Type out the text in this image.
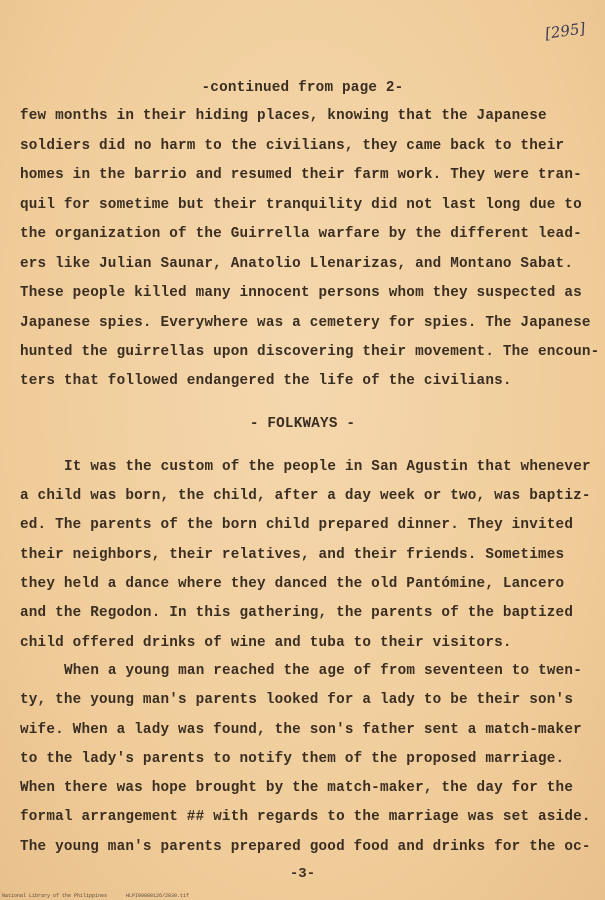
[295]
-continued from page 2-
few months in their hiding places, knowing that the Japanese
soldiers did no harm to the civilians, they came back to their
homes in the barrio and resumed their farm work. They were tran-
quil for sometime but their tranquility did not last long due to
the organization of the Guirrella warfare by the different lead-
ers like Julian Saunar, Anatolio Llenarizas, and Montano Sabat.
These people killed many innocent persons whom they suspected as
Japanese spies. Everywhere was a cemetery for spies. The Japanese
hunted the guirrellas upon discovering their movement. The encoun-
ters that followed endangered the life of the civilians.
- FOLKWAYS -
It was the custom of the people in San Agustin that whenever
a child was born, the child, after a day week or two, was baptiz-
ed. The parents of the born child prepared dinner. They invited
their neighbors, their relatives, and their friends. Sometimes
they held a dance where they danced the old Pantómine, Lancero
and the Regodon. In this gathering, the parents of the baptized
child offered drinks of wine and tuba to their visitors.
When a young man reached the age of from seventeen to twen-
ty, the young man's parents looked for a lady to be their son's
wife. When a lady was found, the son's father sent a match-maker
to the lady's parents to notify them of the proposed marriage.
When there was hope brought by the match-maker, the day for the
formal arrangement ## with regards to the marriage was set aside.
The young man's parents prepared good food and drinks for the oc-
-3-
National Library of the Philippines	HLPI00000126/2030.tif
